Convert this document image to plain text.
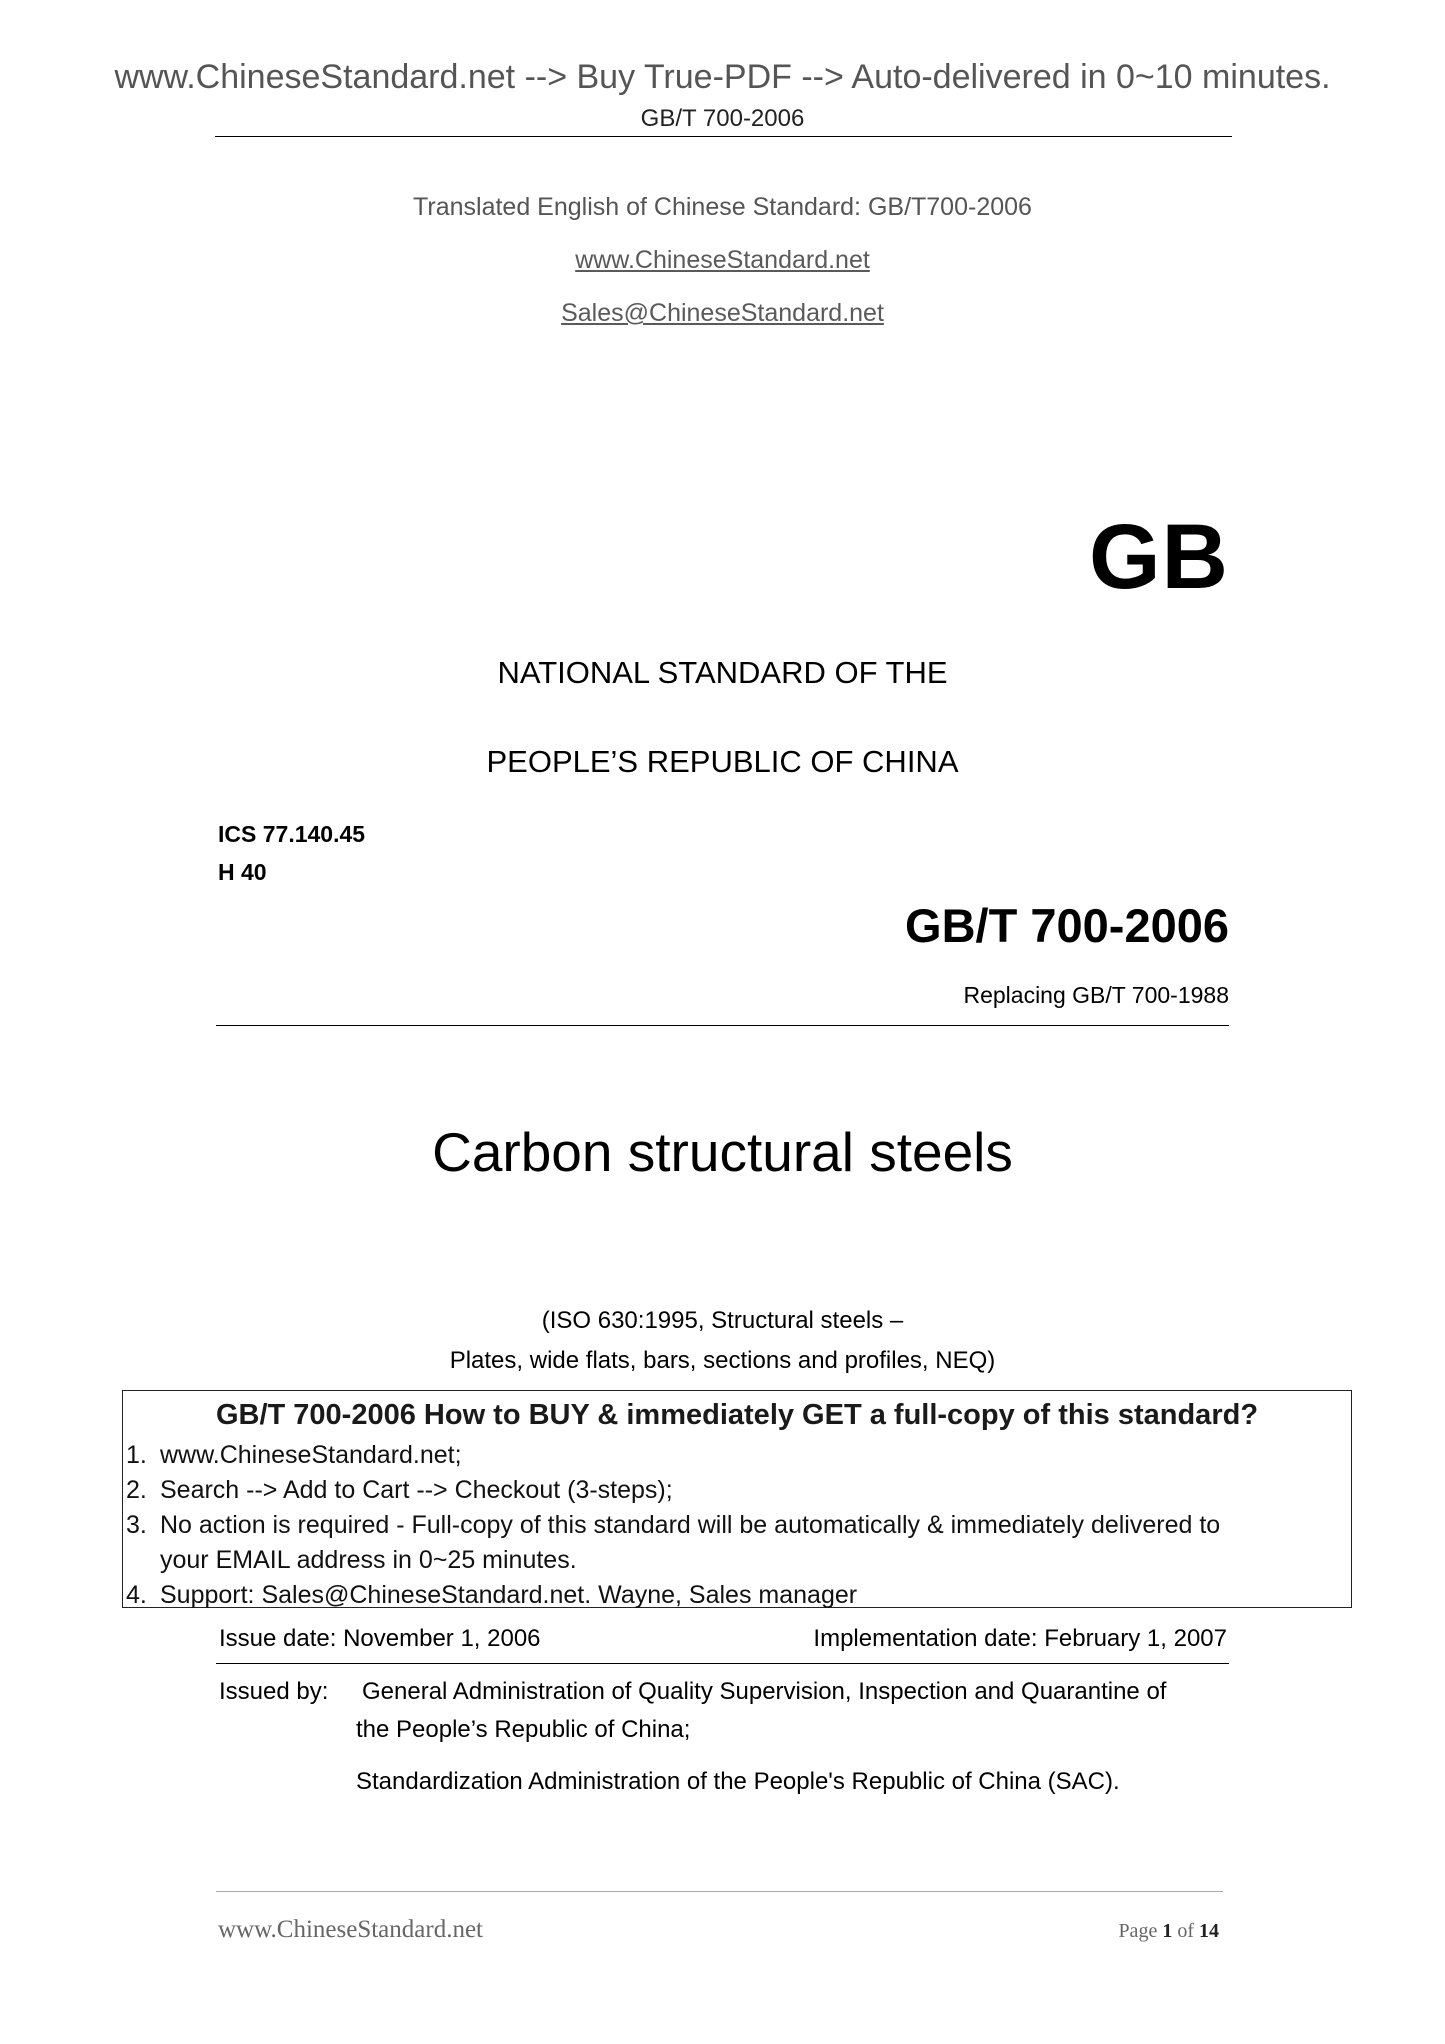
www.ChineseStandard.net --> Buy True-PDF --> Auto-delivered in 0~10 minutes.
GB/T 700-2006
Translated English of Chinese Standard: GB/T700-2006
www.ChineseStandard.net
Sales@ChineseStandard.net
GB
NATIONAL STANDARD OF THE
PEOPLE’S REPUBLIC OF CHINA
ICS 77.140.45
H 40
GB/T 700-2006
Replacing GB/T 700-1988
Carbon structural steels
(ISO 630:1995, Structural steels –
Plates, wide flats, bars, sections and profiles, NEQ)
GB/T 700-2006 How to BUY & immediately GET a full-copy of this standard?
1. www.ChineseStandard.net;
2. Search --> Add to Cart --> Checkout (3-steps);
3. No action is required - Full-copy of this standard will be automatically & immediately delivered to
your EMAIL address in 0~25 minutes.
4. Support: Sales@ChineseStandard.net. Wayne, Sales manager
Issue date: November 1, 2006	Implementation date: February 1, 2007
Issued by: General Administration of Quality Supervision, Inspection and Quarantine of
the People’s Republic of China;
Standardization Administration of the People's Republic of China (SAC).
www.ChineseStandard.net	Page 1 of 14
